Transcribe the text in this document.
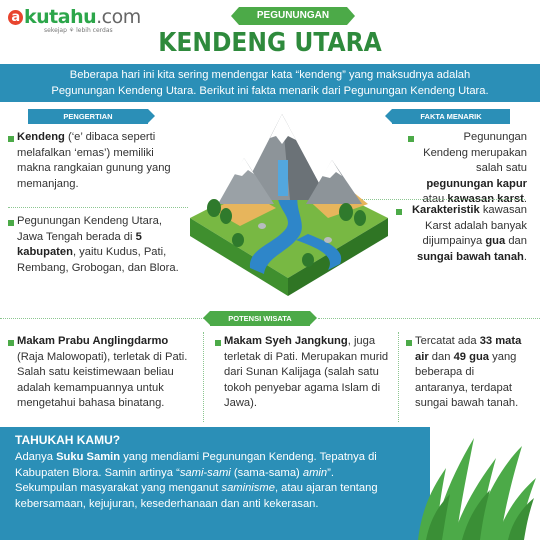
a kutahu.com
sekejap ⚘ lebih cerdas
PEGUNUNGAN
KENDENG UTARA
Beberapa hari ini kita sering mendengar kata “kendeng” yang maksudnya adalah Pegunungan Kendeng Utara. Berikut ini fakta menarik dari Pegunungan Kendeng Utara.
PENGERTIAN
Kendeng (‘e’ dibaca seperti melafalkan ‘emas’) memiliki makna rangkaian gunung yang memanjang.
Pegunungan Kendeng Utara, Jawa Tengah berada di 5 kabupaten, yaitu Kudus, Pati, Rembang, Grobogan, dan Blora.
FAKTA MENARIK
Pegunungan Kendeng merupakan salah satu pegunungan kapur atau kawasan karst.
Karakteristik kawasan Karst adalah banyak dijumpainya gua dan sungai bawah tanah.
POTENSI WISATA
Makam Prabu Anglingdarmo (Raja Malowopati), terletak di Pati. Salah satu keistimewaan beliau adalah kemampuannya untuk mengetahui bahasa binatang.
Makam Syeh Jangkung, juga terletak di Pati. Merupakan murid dari Sunan Kalijaga (salah satu tokoh penyebar agama Islam di Jawa).
Tercatat ada 33 mata air dan 49 gua yang beberapa di antaranya, terdapat sungai bawah tanah.
TAHUKAH KAMU?
Adanya Suku Samin yang mendiami Pegunungan Kendeng. Tepatnya di Kabupaten Blora. Samin artinya “sami-sami (sama-sama) amin”.
Sekumpulan masyarakat yang menganut saminisme, atau ajaran tentang kebersamaan, kejujuran, kesederhanaan dan anti kekerasan.
